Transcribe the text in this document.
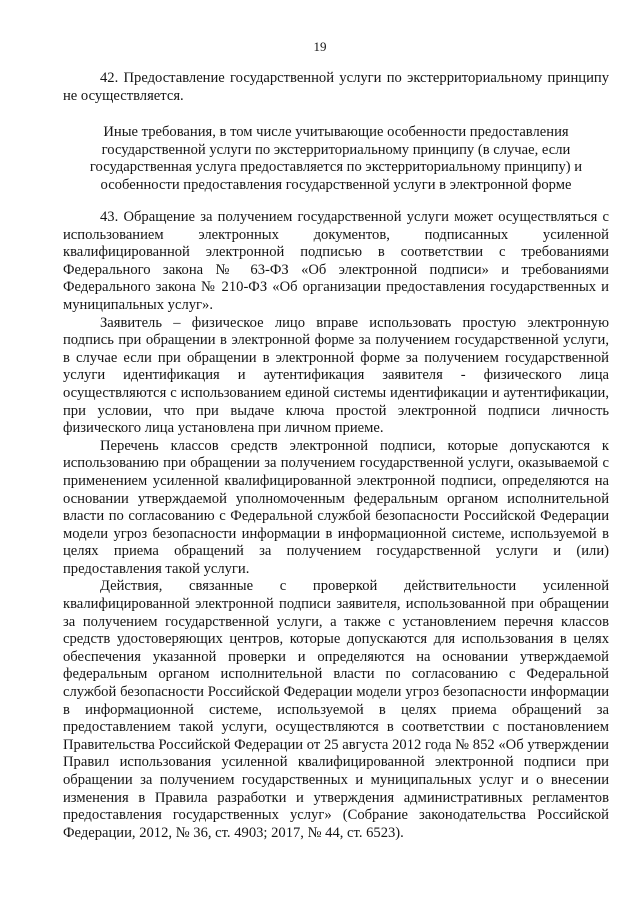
19

42. Предоставление государственной услуги по экстерриториальному принципу не осуществляется.

Иные требования, в том числе учитывающие особенности предоставления государственной услуги по экстерриториальному принципу (в случае, если государственная услуга предоставляется по экстерриториальному принципу) и особенности предоставления государственной услуги в электронной форме

43. Обращение за получением государственной услуги может осуществляться с использованием электронных документов, подписанных усиленной квалифицированной электронной подписью в соответствии с требованиями Федерального закона № 63-ФЗ «Об электронной подписи» и требованиями Федерального закона № 210-ФЗ «Об организации предоставления государственных и муниципальных услуг».

Заявитель – физическое лицо вправе использовать простую электронную подпись при обращении в электронной форме за получением государственной услуги, в случае если при обращении в электронной форме за получением государственной услуги идентификация и аутентификация заявителя - физического лица осуществляются с использованием единой системы идентификации и аутентификации, при условии, что при выдаче ключа простой электронной подписи личность физического лица установлена при личном приеме.

Перечень классов средств электронной подписи, которые допускаются к использованию при обращении за получением государственной услуги, оказываемой с применением усиленной квалифицированной электронной подписи, определяются на основании утверждаемой уполномоченным федеральным органом исполнительной власти по согласованию с Федеральной службой безопасности Российской Федерации модели угроз безопасности информации в информационной системе, используемой в целях приема обращений за получением государственной услуги и (или) предоставления такой услуги.

Действия, связанные с проверкой действительности усиленной квалифицированной электронной подписи заявителя, использованной при обращении за получением государственной услуги, а также с установлением перечня классов средств удостоверяющих центров, которые допускаются для использования в целях обеспечения указанной проверки и определяются на основании утверждаемой федеральным органом исполнительной власти по согласованию с Федеральной службой безопасности Российской Федерации модели угроз безопасности информации в информационной системе, используемой в целях приема обращений за предоставлением такой услуги, осуществляются в соответствии с постановлением Правительства Российской Федерации от 25 августа 2012 года № 852 «Об утверждении Правил использования усиленной квалифицированной электронной подписи при обращении за получением государственных и муниципальных услуг и о внесении изменения в Правила разработки и утверждения административных регламентов предоставления государственных услуг» (Собрание законодательства Российской Федерации, 2012, № 36, ст. 4903; 2017, № 44, ст. 6523).
